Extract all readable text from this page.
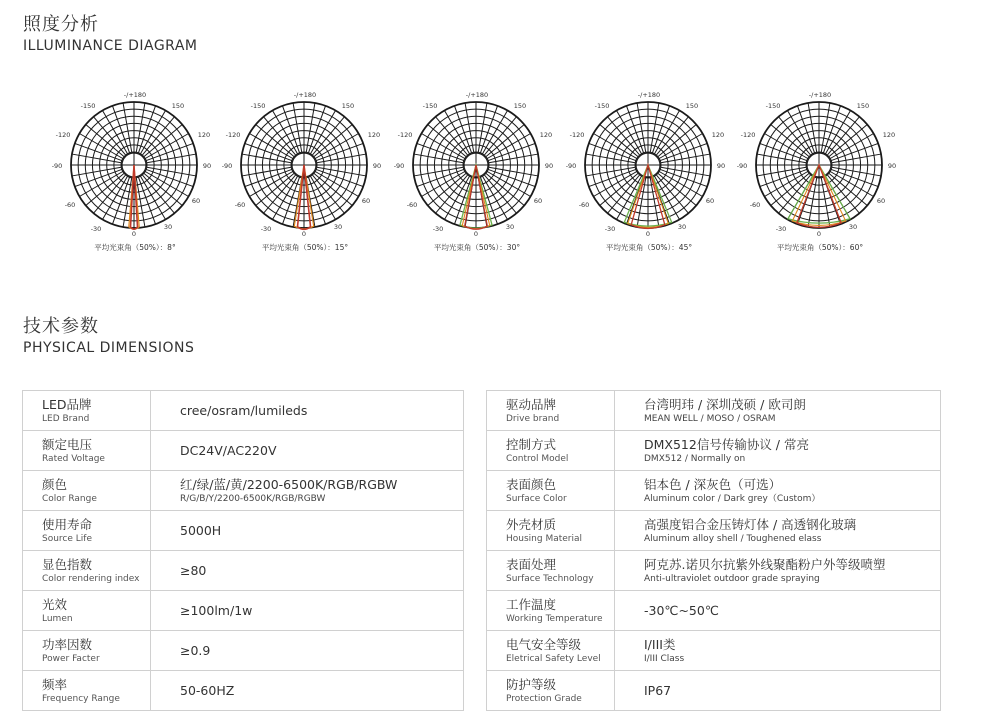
照度分析
ILLUMINANCE DIAGRAM
-/+180
-150	150
-120	120
-90	90
-60	60
-30	30
0
平均光束角（50%）：8°
-/+180
-150	150
-120	120
-90	90
-60	60
-30	30
0
平均光束角（50%）：15°
-/+180
-150	150
-120	120
-90	90
-60	60
-30	30
0
平均光束角（50%）：30°
-/+180
-150	150
-120	120
-90	90
-60	60
-30	30
0
平均光束角（50%）：45°
-/+180
-150	150
-120	120
-90	90
-60	60
-30	30
0
平均光束角（50%）：60°
技术参数
PHYSICAL DIMENSIONS
LED品牌
LED Brand	cree/osram/lumileds

额定电压
Rated Voltage	DC24V/AC220V

颜色
Color Range	红/绿/蓝/黄/2200-6500K/RGB/RGBW
R/G/B/Y/2200-6500K/RGB/RGBW

使用寿命
Source Life	5000H

显色指数
Color rendering index	≥80

光效
Lumen	≥100lm/1w

功率因数
Power Facter	≥0.9

频率
Frequency Range	50-60HZ
驱动品牌
Drive brand	台湾明玮 / 深圳茂硕 / 欧司朗
MEAN WELL / MOSO / OSRAM

控制方式
Control Model	DMX512信号传输协议 / 常亮
DMX512 / Normally on

表面颜色
Surface Color	铝本色 / 深灰色（可选）
Aluminum color / Dark grey（Custom）

外壳材质
Housing Material	高强度铝合金压铸灯体 / 高透钢化玻璃
Aluminum alloy shell / Toughened elass

表面处理
Surface Technology	阿克苏.诺贝尔抗紫外线聚酯粉户外等级喷塑
Anti-ultraviolet outdoor grade spraying

工作温度
Working Temperature	-30℃~50℃

电气安全等级
Eletrical Safety Level	I/III类
I/III Class

防护等级
Protection Grade	IP67
